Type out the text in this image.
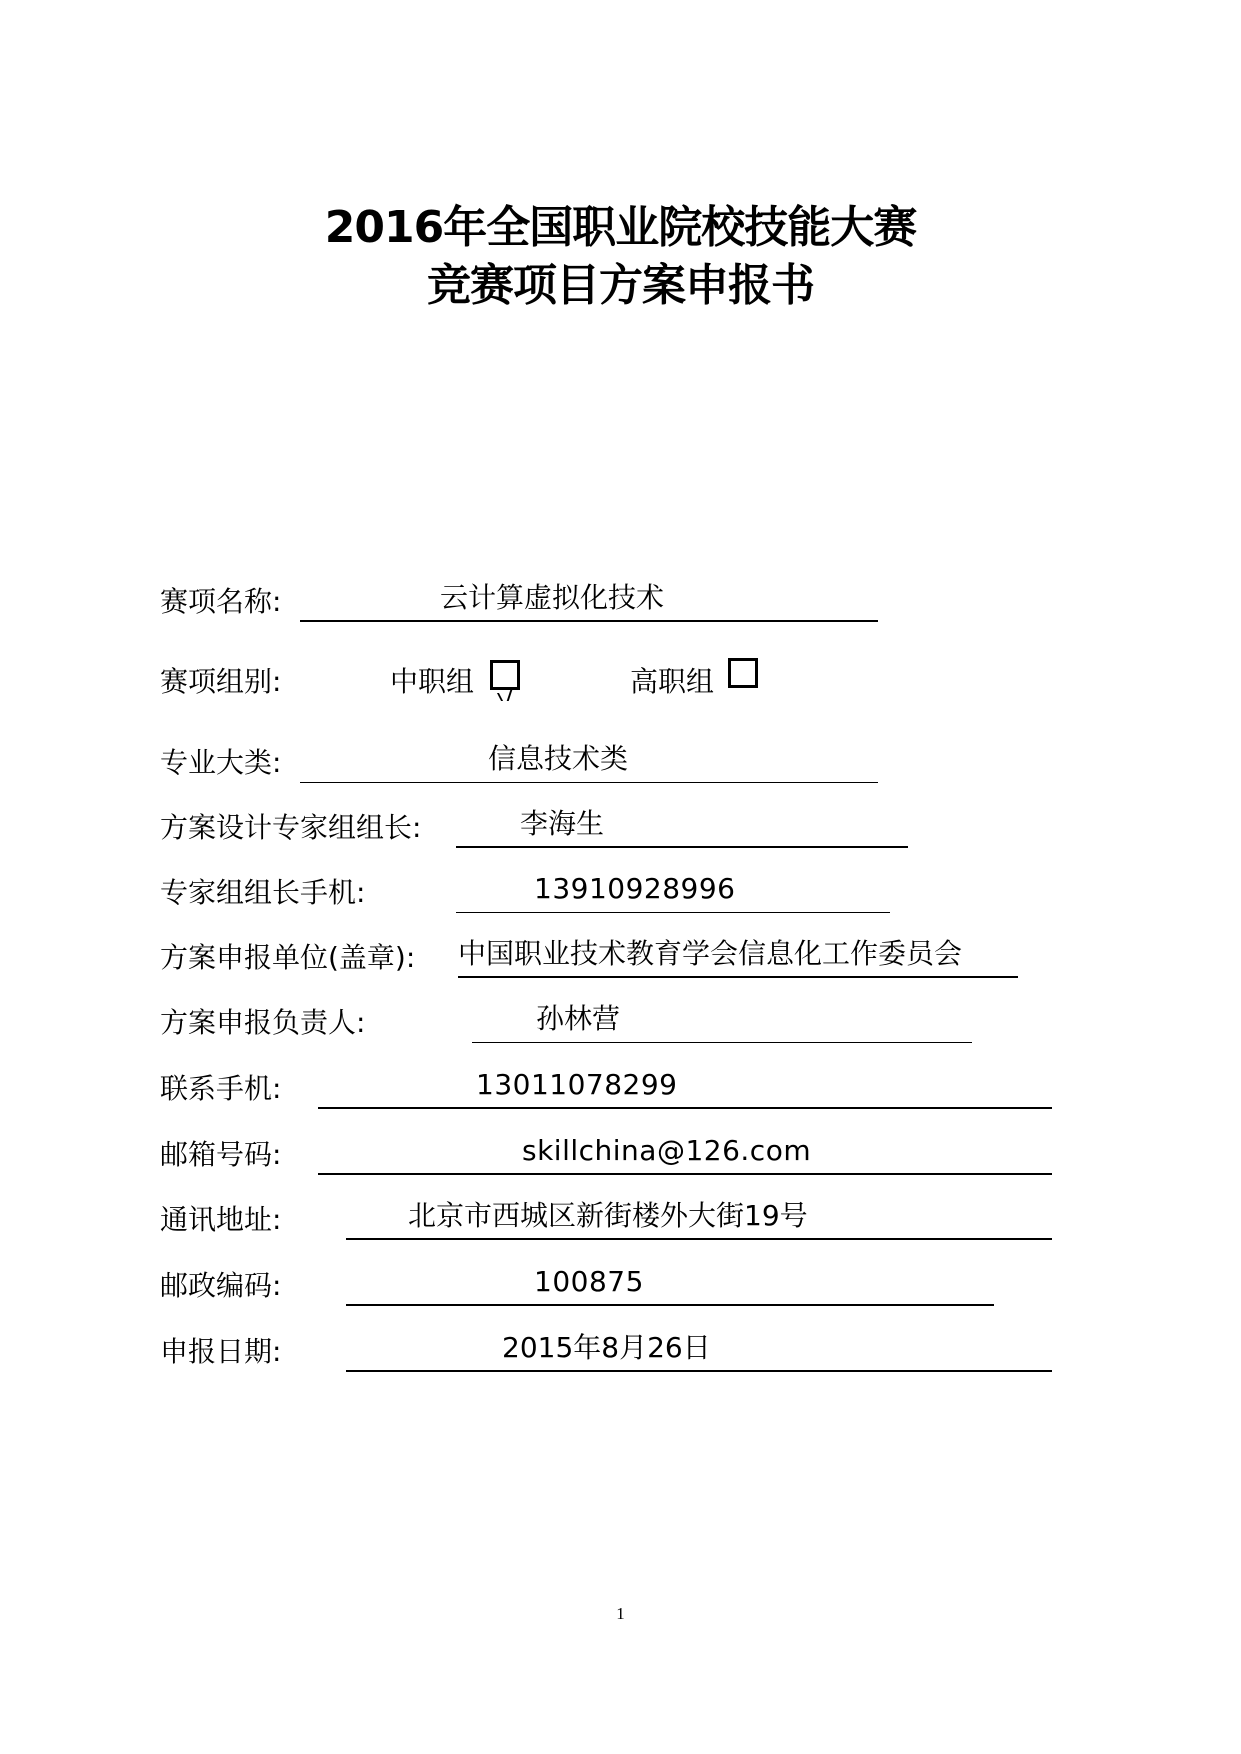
2016年全国职业院校技能大赛
竞赛项目方案申报书
赛项名称:	云计算虚拟化技术
赛项组别:	中职组	高职组
专业大类:	信息技术类
方案设计专家组组长:	李海生
专家组组长手机:	13910928996
方案申报单位(盖章): 中国职业技术教育学会信息化工作委员会
方案申报负责人:	孙林营
联系手机:	13011078299
邮箱号码:	skillchina@126.com
通讯地址:	北京市西城区新街楼外大街19号
邮政编码:	100875
申报日期:	2015年8月26日
1
